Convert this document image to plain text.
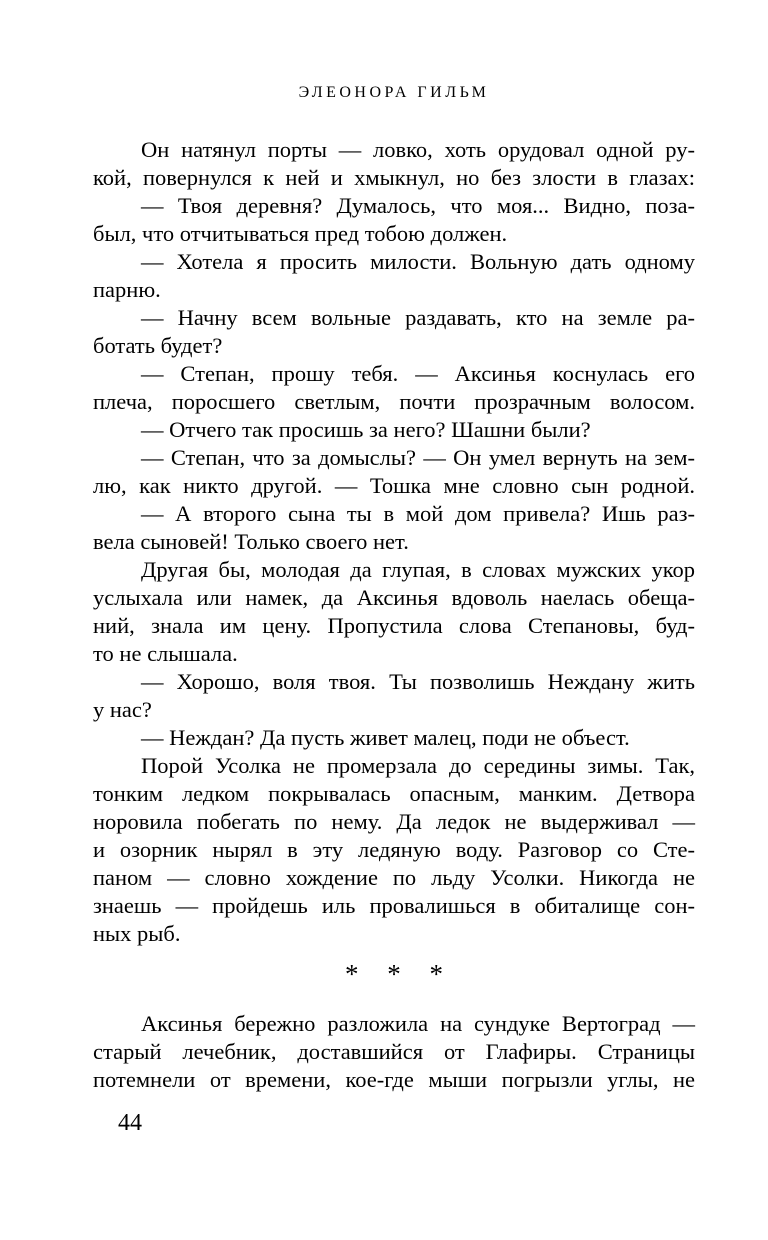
ЭЛЕОНОРА ГИЛЬМ
Он натянул порты — ловко, хоть орудовал одной ру-
кой, повернулся к ней и хмыкнул, но без злости в глазах:
— Твоя деревня? Думалось, что моя... Видно, поза-
был, что отчитываться пред тобою должен.
— Хотела я просить милости. Вольную дать одному
парню.
— Начну всем вольные раздавать, кто на земле ра-
ботать будет?
— Степан, прошу тебя. — Аксинья коснулась его
плеча, поросшего светлым, почти прозрачным волосом.
— Отчего так просишь за него? Шашни были?
— Степан, что за домыслы? — Он умел вернуть на зем-
лю, как никто другой. — Тошка мне словно сын родной.
— А второго сына ты в мой дом привела? Ишь раз-
вела сыновей! Только своего нет.
Другая бы, молодая да глупая, в словах мужских укор
услыхала или намек, да Аксинья вдоволь наелась обеща-
ний, знала им цену. Пропустила слова Степановы, буд-
то не слышала.
— Хорошо, воля твоя. Ты позволишь Неждану жить
у нас?
— Неждан? Да пусть живет малец, поди не объест.
Порой Усолка не промерзала до середины зимы. Так,
тонким ледком покрывалась опасным, манким. Детвора
норовила побегать по нему. Да ледок не выдерживал —
и озорник нырял в эту ледяную воду. Разговор со Сте-
паном — словно хождение по льду Усолки. Никогда не
знаешь — пройдешь иль провалишься в обиталище сон-
ных рыб.
* * *
Аксинья бережно разложила на сундуке Вертоград —
старый лечебник, доставшийся от Глафиры. Страницы
потемнели от времени, кое-где мыши погрызли углы, не
44
